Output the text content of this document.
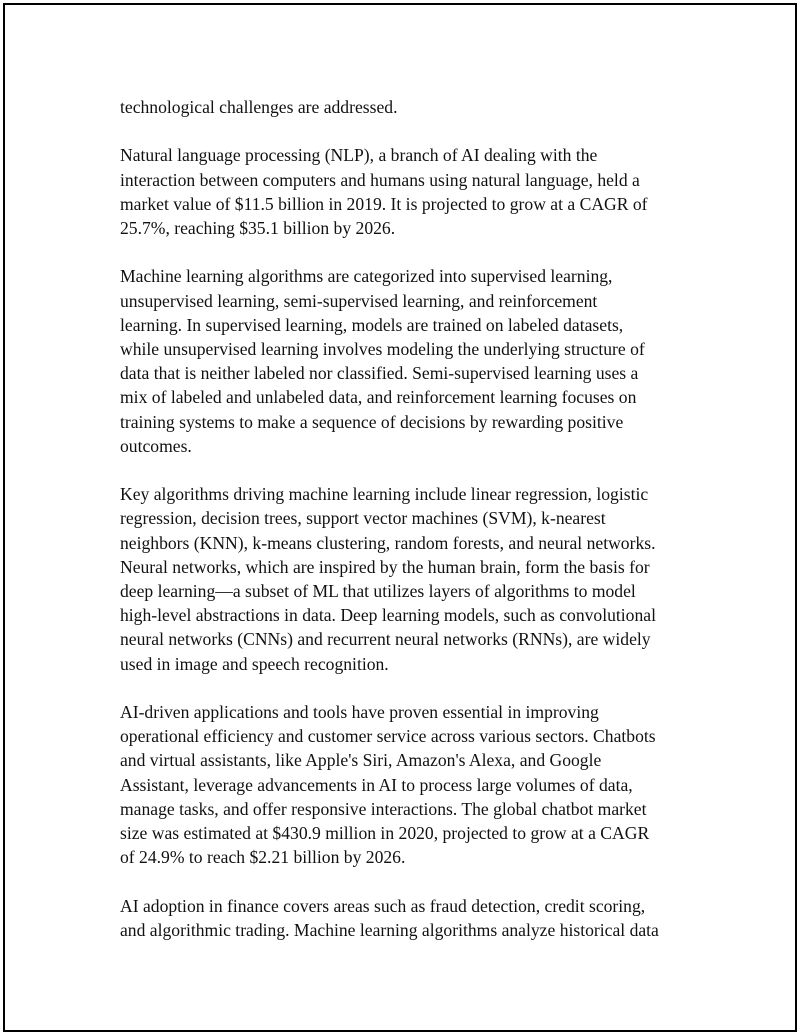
technological challenges are addressed.

Natural language processing (NLP), a branch of AI dealing with the
interaction between computers and humans using natural language, held a
market value of $11.5 billion in 2019. It is projected to grow at a CAGR of
25.7%, reaching $35.1 billion by 2026.

Machine learning algorithms are categorized into supervised learning,
unsupervised learning, semi-supervised learning, and reinforcement
learning. In supervised learning, models are trained on labeled datasets,
while unsupervised learning involves modeling the underlying structure of
data that is neither labeled nor classified. Semi-supervised learning uses a
mix of labeled and unlabeled data, and reinforcement learning focuses on
training systems to make a sequence of decisions by rewarding positive
outcomes.

Key algorithms driving machine learning include linear regression, logistic
regression, decision trees, support vector machines (SVM), k-nearest
neighbors (KNN), k-means clustering, random forests, and neural networks.
Neural networks, which are inspired by the human brain, form the basis for
deep learning—a subset of ML that utilizes layers of algorithms to model
high-level abstractions in data. Deep learning models, such as convolutional
neural networks (CNNs) and recurrent neural networks (RNNs), are widely
used in image and speech recognition.

AI-driven applications and tools have proven essential in improving
operational efficiency and customer service across various sectors. Chatbots
and virtual assistants, like Apple's Siri, Amazon's Alexa, and Google
Assistant, leverage advancements in AI to process large volumes of data,
manage tasks, and offer responsive interactions. The global chatbot market
size was estimated at $430.9 million in 2020, projected to grow at a CAGR
of 24.9% to reach $2.21 billion by 2026.

AI adoption in finance covers areas such as fraud detection, credit scoring,
and algorithmic trading. Machine learning algorithms analyze historical data
